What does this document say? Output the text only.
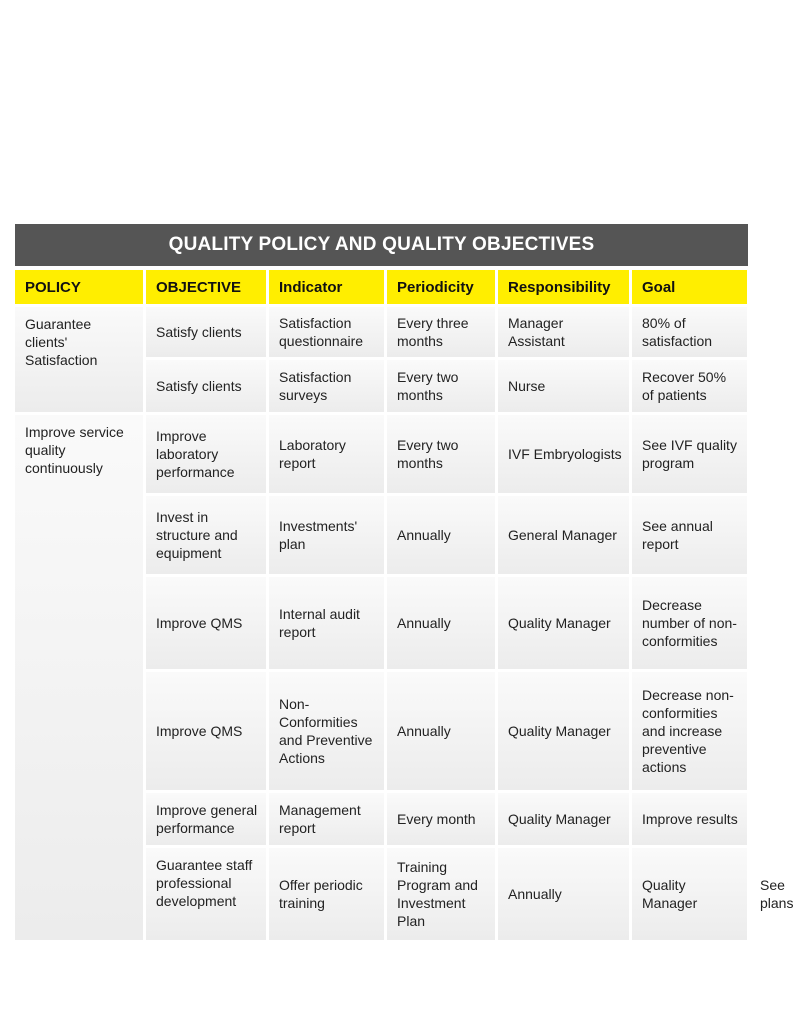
QUALITY POLICY AND QUALITY OBJECTIVES
POLICY	OBJECTIVE	Indicator	Periodicity	Responsibility	Goal	
Guarantee clients' Satisfaction	Satisfy clients	Satisfaction questionnaire	Every three months	Manager Assistant	80% of satisfaction	
	Satisfy clients	Satisfaction surveys	Every two months	Nurse	Recover 50% of patients	
Improve service quality continuously	Improve laboratory performance	Laboratory report	Every two months	IVF Embryologists	See IVF quality program	
	Invest in structure and equipment	Investments' plan	Annually	General Manager	See annual report	
	Improve QMS	Internal audit report	Annually	Quality Manager	Decrease number of non-conformities	
	Improve QMS	Non-Conformities and Preventive Actions	Annually	Quality Manager	Decrease non-conformities and increase preventive actions	
	Improve general performance	Management report	Every month	Quality Manager	Improve results	
	Guarantee staff professional development	Offer periodic training	Training Program and Investment Plan	Annually	Quality Manager	See plans
